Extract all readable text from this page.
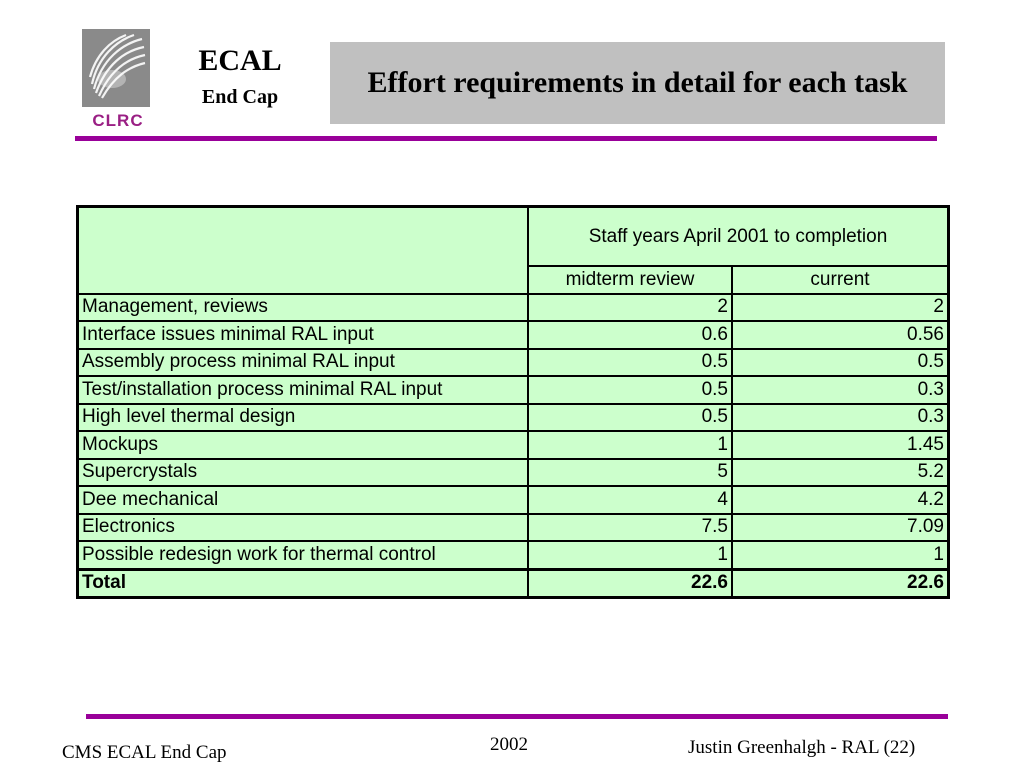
CLRC
ECAL
End Cap	Effort requirements in detail for each task
	Staff years April 2001 to completion	
	midterm review	current
Management, reviews	2	2
Interface issues minimal RAL input	0.6	0.56
Assembly process minimal RAL input	0.5	0.5
Test/installation process minimal RAL input	0.5	0.3
High level thermal design	0.5	0.3
Mockups	1	1.45
Supercrystals	5	5.2
Dee mechanical	4	4.2
Electronics	7.5	7.09
Possible redesign work for thermal control	1	1
Total	22.6	22.6
CMS ECAL End Cap	2002	Justin Greenhalgh - RAL (22)
